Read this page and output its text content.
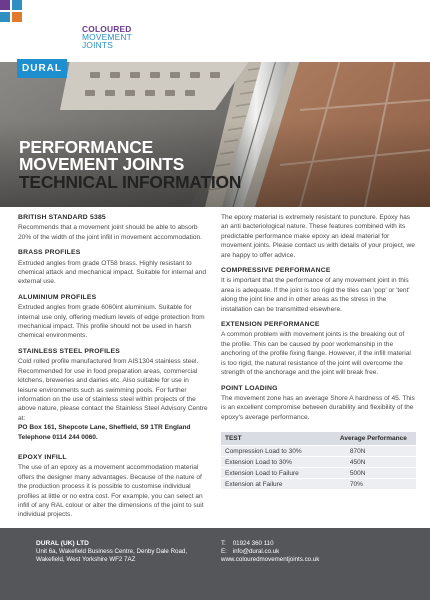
COLOURED
MOVEMENT
JOINTS
DURAL
PERFORMANCE
MOVEMENT JOINTS
TECHNICAL INFORMATION
BRITISH STANDARD 5385

Recommends that a movement joint should be able to absorb 20% of the width of the joint infill in movement accommodation.

BRASS PROFILES

Extruded angles from grade OT58 brass. Highly resistant to chemical attack and mechanical impact. Suitable for internal and external use.

ALUMINIUM PROFILES

Extruded angles from grade 6060int aluminium. Suitable for internal use only, offering medium levels of edge protection from mechanical impact. This profile should not be used in harsh chemical environments.

STAINLESS STEEL PROFILES

Cold rolled profile manufactured from AIS1304 stainless steel. Recommended for use in food preparation areas, commercial kitchens, breweries and dairies etc. Also suitable for use in leisure environments such as swimming pools. For further information on the use of stainless steel within projects of the above nature, please contact the Stainless Steel Advisory Centre at:

PO Box 161, Shepcote Lane, Sheffield, S9 1TR England Telephone 0114 244 0060.

EPOXY INFILL

The use of an epoxy as a movement accommodation material offers the designer many advantages. Because of the nature of the production process it is possible to customise individual profiles at little or no extra cost. For example, you can select an infill of any RAL colour or alter the dimensions of the joint to suit individual projects.

The epoxy material is extremely resistant to puncture. Epoxy has an anti bacteriological nature. These features combined with its predictable performance make epoxy an ideal material for movement joints. Please contact us with details of your project, we are happy to offer advice.

COMPRESSIVE PERFORMANCE

It is important that the performance of any movement joint in this area is adequate. If the joint is too rigid the tiles can 'pop' or 'tent' along the joint line and in other areas as the stress in the installation can be transmitted elsewhere.

EXTENSION PERFORMANCE

A common problem with movement joints is the breaking out of the profile. This can be caused by poor workmanship in the anchoring of the profile fixing flange. However, if the infill material is too rigid, the natural resistance of the joint will overcome the strength of the anchorage and the joint will break free.

POINT LOADING

The movement zone has an average Shore A hardness of 45. This is an excellent compromise between durability and flexibility of the epoxy's average performance.

TEST	Average Performance
Compression Load to 30%	870N
Extension Load to 30%	450N
Extension Load to Failure	500N
Extension at Failure	70%
DURAL (UK) LTD
Unit 6a, Wakefield Business Centre, Denby Dale Road,
Wakefield, West Yorkshire WF2 7AZ
T: 01924 360 110
E: info@dural.co.uk
www.colouredmovementjoints.co.uk
